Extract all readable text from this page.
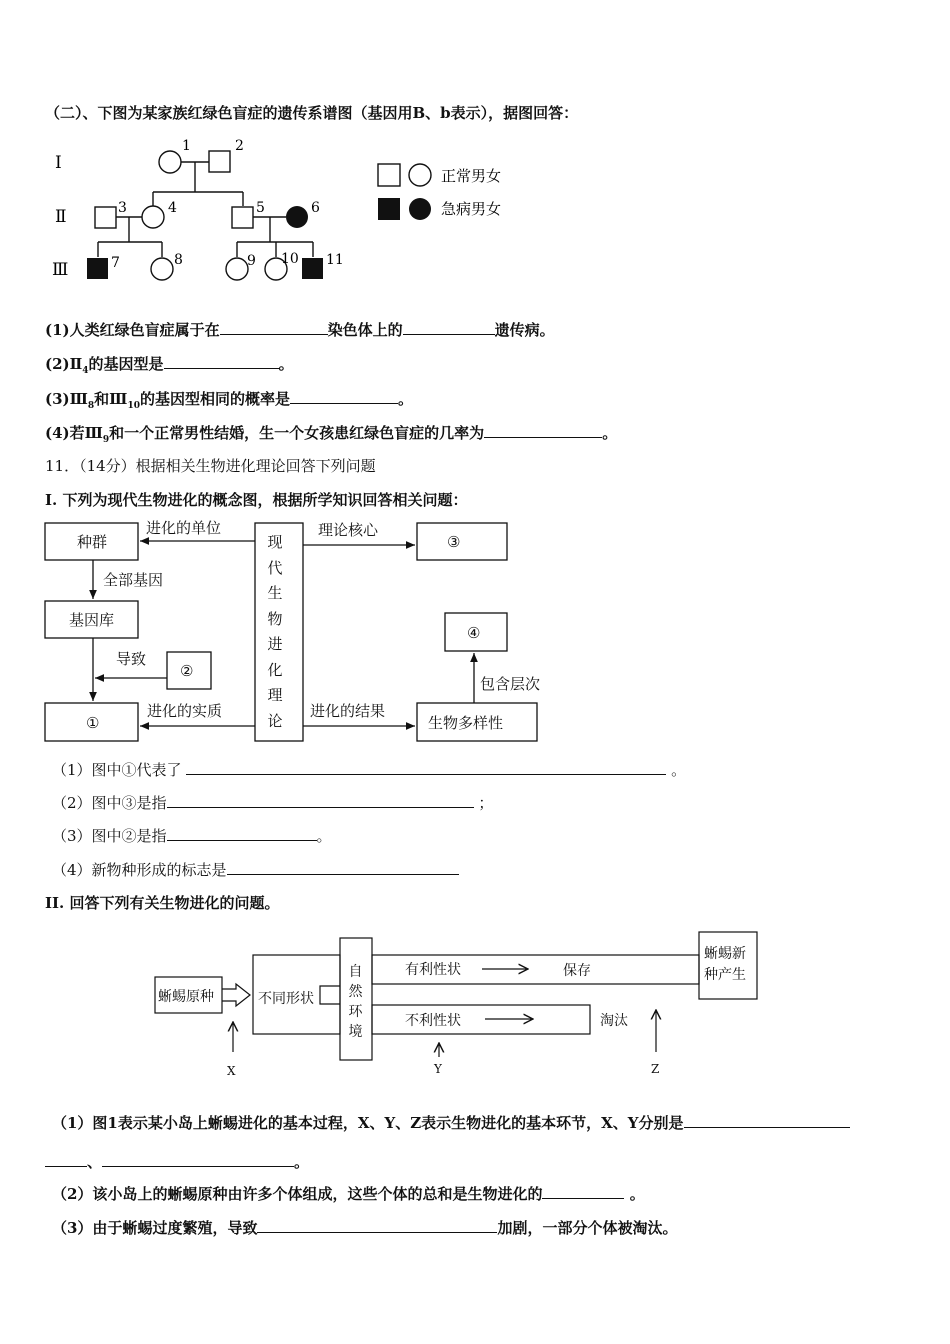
（二）、下图为某家族红绿色盲症的遗传系谱图（基因用B、b表示），据图回答：
Ⅰ
Ⅱ
Ⅲ
1	2
3	4	5	6
7	8	9 10 11
正常男女
急病男女
(1)人类红绿色盲症属于在	染色体上的	遗传病。
$(2)Ⅱ_4$的基因型是	。
$(3)Ⅲ_8$和$Ⅲ_{10}$的基因型相同的概率是	。
(4)若$Ⅲ_9$和一个正常男性结婚，生一个女孩患红绿色盲症的几率为	。
11．（14分）根据相关生物进化理论回答下列问题
I. 下列为现代生物进化的概念图，根据所学知识回答相关问题：
种群
基因库
①
②
③
④
生物多样性
进化的单位
全部基因
导致
进化的实质
理论核心
进化的结果
包含层次
现代生物进化理论
（1）图中①代表了	。
（2）图中③是指	；
（3）图中②是指	。
（4）新物种形成的标志是
II. 回答下列有关生物进化的问题。
蜥蜴原种	不同形状
有利性状	保存
不利性状	淘汰
X	Y	Z
自然环境
蜥蜴新种产生
（1）图1表示某小岛上蜥蜴进化的基本过程，X、Y、Z表示生物进化的基本环节，X、Y分别是
、	。
（2）该小岛上的蜥蜴原种由许多个体组成，这些个体的总和是生物进化的	。
（3）由于蜥蜴过度繁殖，导致	加剧，一部分个体被淘汰。
